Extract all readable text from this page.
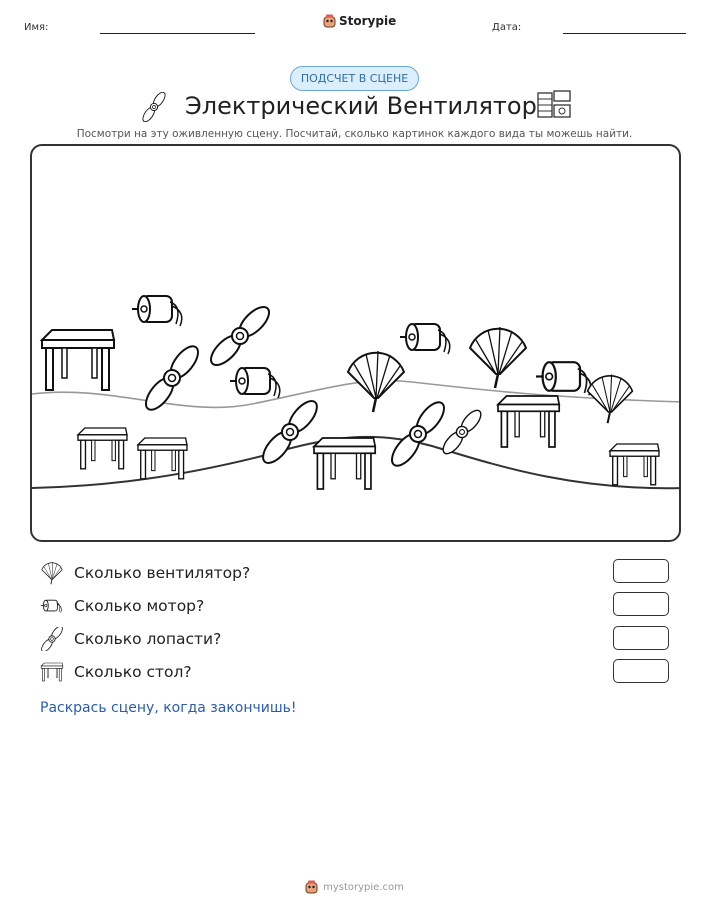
Имя:	Storypie	Дата:
ПОДСЧЕТ В СЦЕНЕ
Электрический Вентилятор
Посмотри на эту оживленную сцену. Посчитай, сколько картинок каждого вида ты можешь найти.
Сколько вентилятор?
Сколько мотор?
Сколько лопасти?
Сколько стол?
Раскрась сцену, когда закончишь!
mystorypie.com
